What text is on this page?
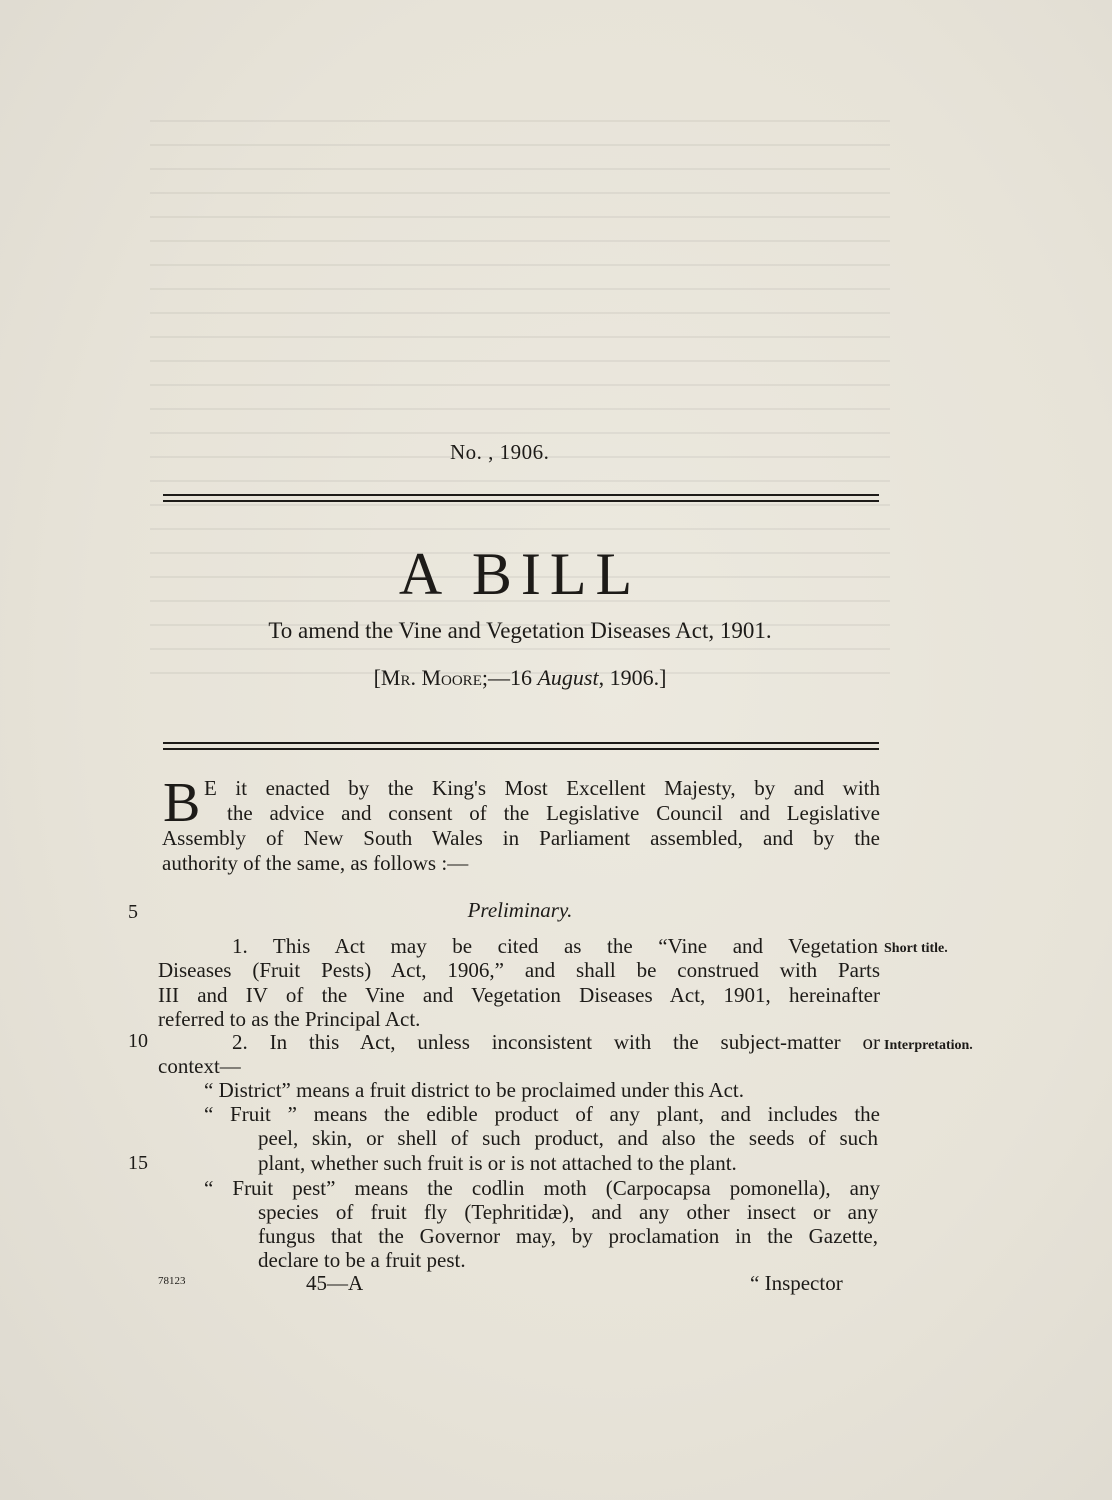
No. , 1906.
A BILL
To amend the Vine and Vegetation Diseases Act, 1901.
[Mr. Moore;—16 August, 1906.]
B E it enacted by the King's Most Excellent Majesty, by and with
the advice and consent of the Legislative Council and Legislative
Assembly of New South Wales in Parliament assembled, and by the
authority of the same, as follows :—
5
10
15
Preliminary.
1. This Act may be cited as the “Vine and Vegetation Short title.
Diseases (Fruit Pests) Act, 1906,” and shall be construed with Parts
III and IV of the Vine and Vegetation Diseases Act, 1901, hereinafter
referred to as the Principal Act.
2. In this Act, unless inconsistent with the subject-matter or Interpretation.
context—
“ District” means a fruit district to be proclaimed under this Act.
“ Fruit ” means the edible product of any plant, and includes the
peel, skin, or shell of such product, and also the seeds of such
plant, whether such fruit is or is not attached to the plant.
“ Fruit pest” means the codlin moth (Carpocapsa pomonella), any
species of fruit fly (Tephritidæ), and any other insect or any
fungus that the Governor may, by proclamation in the Gazette,
declare to be a fruit pest.
78123	45—A	“ Inspector
